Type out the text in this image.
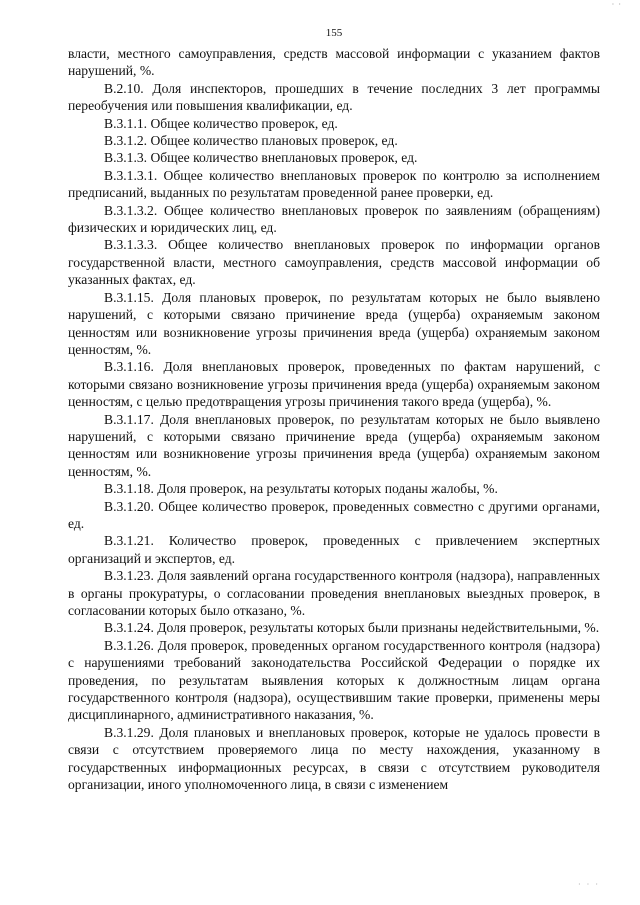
· ·
155

власти, местного самоуправления, средств массовой информации с указанием фактов нарушений, %.

В.2.10. Доля инспекторов, прошедших в течение последних 3 лет программы переобучения или повышения квалификации, ед.

В.3.1.1. Общее количество проверок, ед.

В.3.1.2. Общее количество плановых проверок, ед.

В.3.1.3. Общее количество внеплановых проверок, ед.

В.3.1.3.1. Общее количество внеплановых проверок по контролю за исполнением предписаний, выданных по результатам проведенной ранее проверки, ед.

В.3.1.3.2. Общее количество внеплановых проверок по заявлениям (обращениям) физических и юридических лиц, ед.

В.3.1.3.3. Общее количество внеплановых проверок по информации органов государственной власти, местного самоуправления, средств массовой информации об указанных фактах, ед.

В.3.1.15. Доля плановых проверок, по результатам которых не было выявлено нарушений, с которыми связано причинение вреда (ущерба) охраняемым законом ценностям или возникновение угрозы причинения вреда (ущерба) охраняемым законом ценностям, %.

В.3.1.16. Доля внеплановых проверок, проведенных по фактам нарушений, с которыми связано возникновение угрозы причинения вреда (ущерба) охраняемым законом ценностям, с целью предотвращения угрозы причинения такого вреда (ущерба), %.

В.3.1.17. Доля внеплановых проверок, по результатам которых не было выявлено нарушений, с которыми связано причинение вреда (ущерба) охраняемым законом ценностям или возникновение угрозы причинения вреда (ущерба) охраняемым законом ценностям, %.

В.3.1.18. Доля проверок, на результаты которых поданы жалобы, %.

В.3.1.20. Общее количество проверок, проведенных совместно с другими органами, ед.

В.3.1.21. Количество проверок, проведенных с привлечением экспертных организаций и экспертов, ед.

В.3.1.23. Доля заявлений органа государственного контроля (надзора), направленных в органы прокуратуры, о согласовании проведения внеплановых выездных проверок, в согласовании которых было отказано, %.

В.3.1.24. Доля проверок, результаты которых были признаны недействительными, %.

В.3.1.26. Доля проверок, проведенных органом государственного контроля (надзора) с нарушениями требований законодательства Российской Федерации о порядке их проведения, по результатам выявления которых к должностным лицам органа государственного контроля (надзора), осуществившим такие проверки, применены меры дисциплинарного, административного наказания, %.

В.3.1.29. Доля плановых и внеплановых проверок, которые не удалось провести в связи с отсутствием проверяемого лица по месту нахождения, указанному в государственных информационных ресурсах, в связи с отсутствием руководителя организации, иного уполномоченного лица, в связи с изменением

· · ·
